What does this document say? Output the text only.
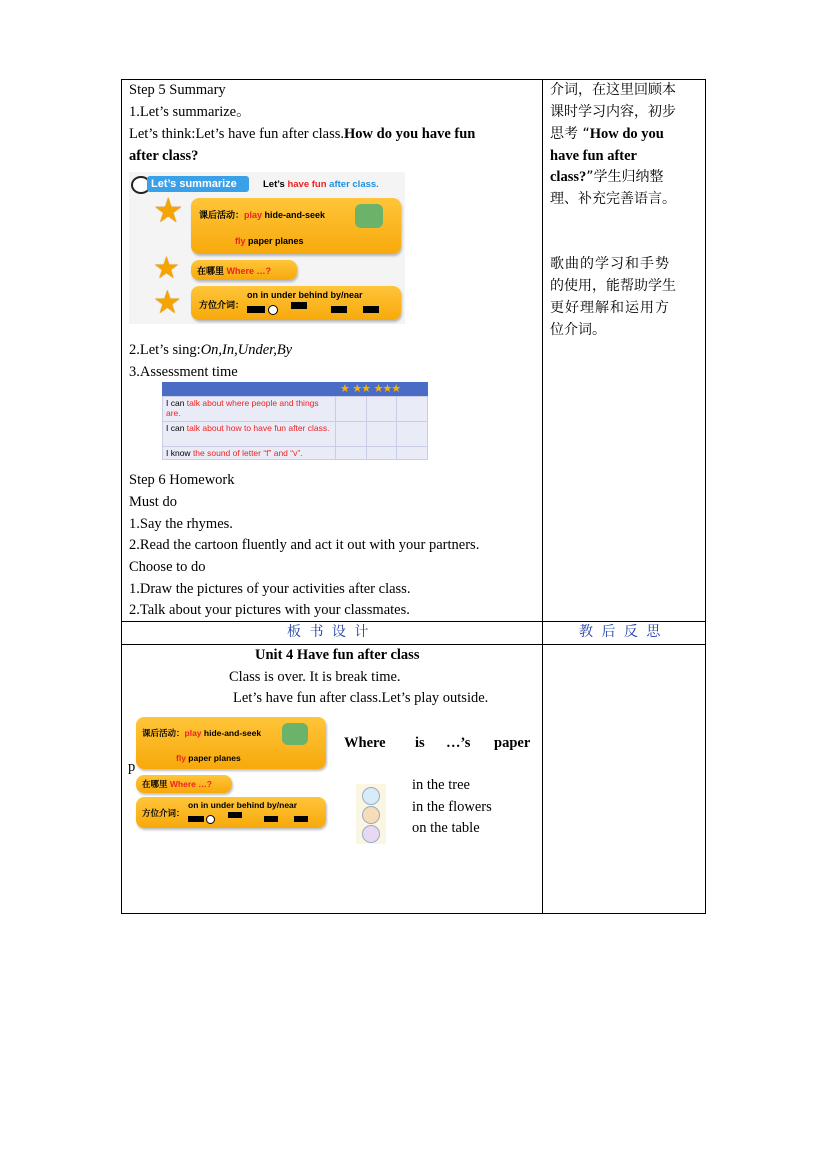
Step 5 Summary
1.Let’s summarize。
Let’s think:Let’s have fun after class.How do you have fun
after class?
Let’s summarize	Let’s have fun after class.
★ 课后活动：play hide-and-seek
fly paper planes
★ 在哪里 Where …?
★ 方位介词：
on in under behind by/near
2.Let’s sing:On,In,Under,By
3.Assessment time
★  ★★  ★★★
I can talk about where people and things are.			
I can talk about how to have fun after class.			
I know the sound of letter “f” and “v”.			
Step 6 Homework
Must do
1.Say the rhymes.
2.Read the cartoon fluently and act it out with your partners.
Choose to do
1.Draw the pictures of your activities after class.
2.Talk about your pictures with your classmates.
介词，在这里回顾本
课时学习内容，初步
思考 “How do you
have fun after
class?”学生归纳整
理、补充完善语言。
歌曲的学习和手势
的使用，能帮助学生
更好理解和运用方
位介词。
板 书 设 计	教 后 反 思
Unit 4 Have fun after class
Class is over. It is break time.
Let’s have fun after class.Let’s play outside.
课后活动：play hide-and-seek
fly paper planes
p
在哪里 Where …?
方位介词：
on in under behind by/near
Where is …’s paper
in the tree
in the flowers
on the table
